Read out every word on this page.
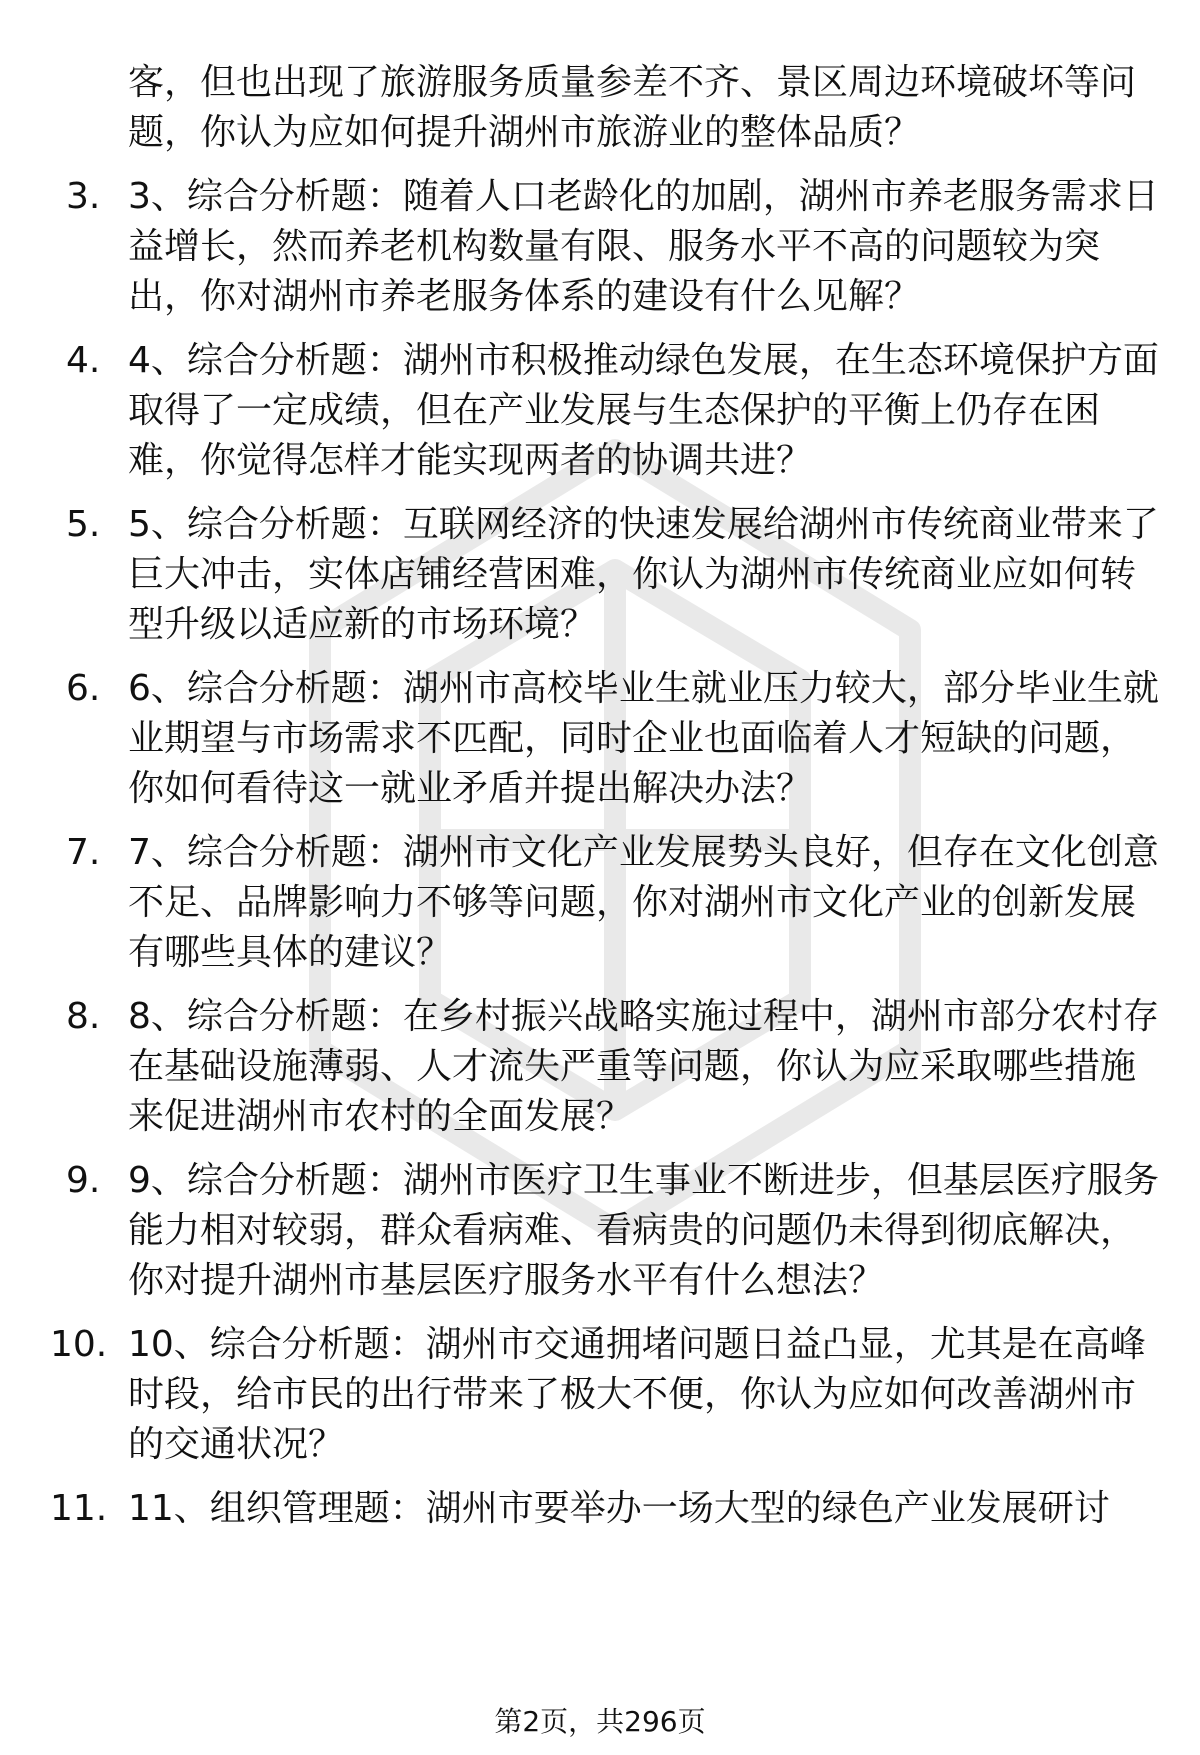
客，但也出现了旅游服务质量参差不齐、景区周边环境破坏等问
题，你认为应如何提升湖州市旅游业的整体品质？
3. 3、综合分析题：随着人口老龄化的加剧，湖州市养老服务需求日
益增长，然而养老机构数量有限、服务水平不高的问题较为突
出，你对湖州市养老服务体系的建设有什么见解？
4. 4、综合分析题：湖州市积极推动绿色发展，在生态环境保护方面
取得了一定成绩，但在产业发展与生态保护的平衡上仍存在困
难，你觉得怎样才能实现两者的协调共进？
5. 5、综合分析题：互联网经济的快速发展给湖州市传统商业带来了
巨大冲击，实体店铺经营困难，你认为湖州市传统商业应如何转
型升级以适应新的市场环境？
6. 6、综合分析题：湖州市高校毕业生就业压力较大，部分毕业生就
业期望与市场需求不匹配，同时企业也面临着人才短缺的问题，
你如何看待这一就业矛盾并提出解决办法？
7. 7、综合分析题：湖州市文化产业发展势头良好，但存在文化创意
不足、品牌影响力不够等问题，你对湖州市文化产业的创新发展
有哪些具体的建议？
8. 8、综合分析题：在乡村振兴战略实施过程中，湖州市部分农村存
在基础设施薄弱、人才流失严重等问题，你认为应采取哪些措施
来促进湖州市农村的全面发展？
9. 9、综合分析题：湖州市医疗卫生事业不断进步，但基层医疗服务
能力相对较弱，群众看病难、看病贵的问题仍未得到彻底解决，
你对提升湖州市基层医疗服务水平有什么想法？
10. 10、综合分析题：湖州市交通拥堵问题日益凸显，尤其是在高峰
时段，给市民的出行带来了极大不便，你认为应如何改善湖州市
的交通状况？
11. 11、组织管理题：湖州市要举办一场大型的绿色产业发展研讨
第2页，共296页
